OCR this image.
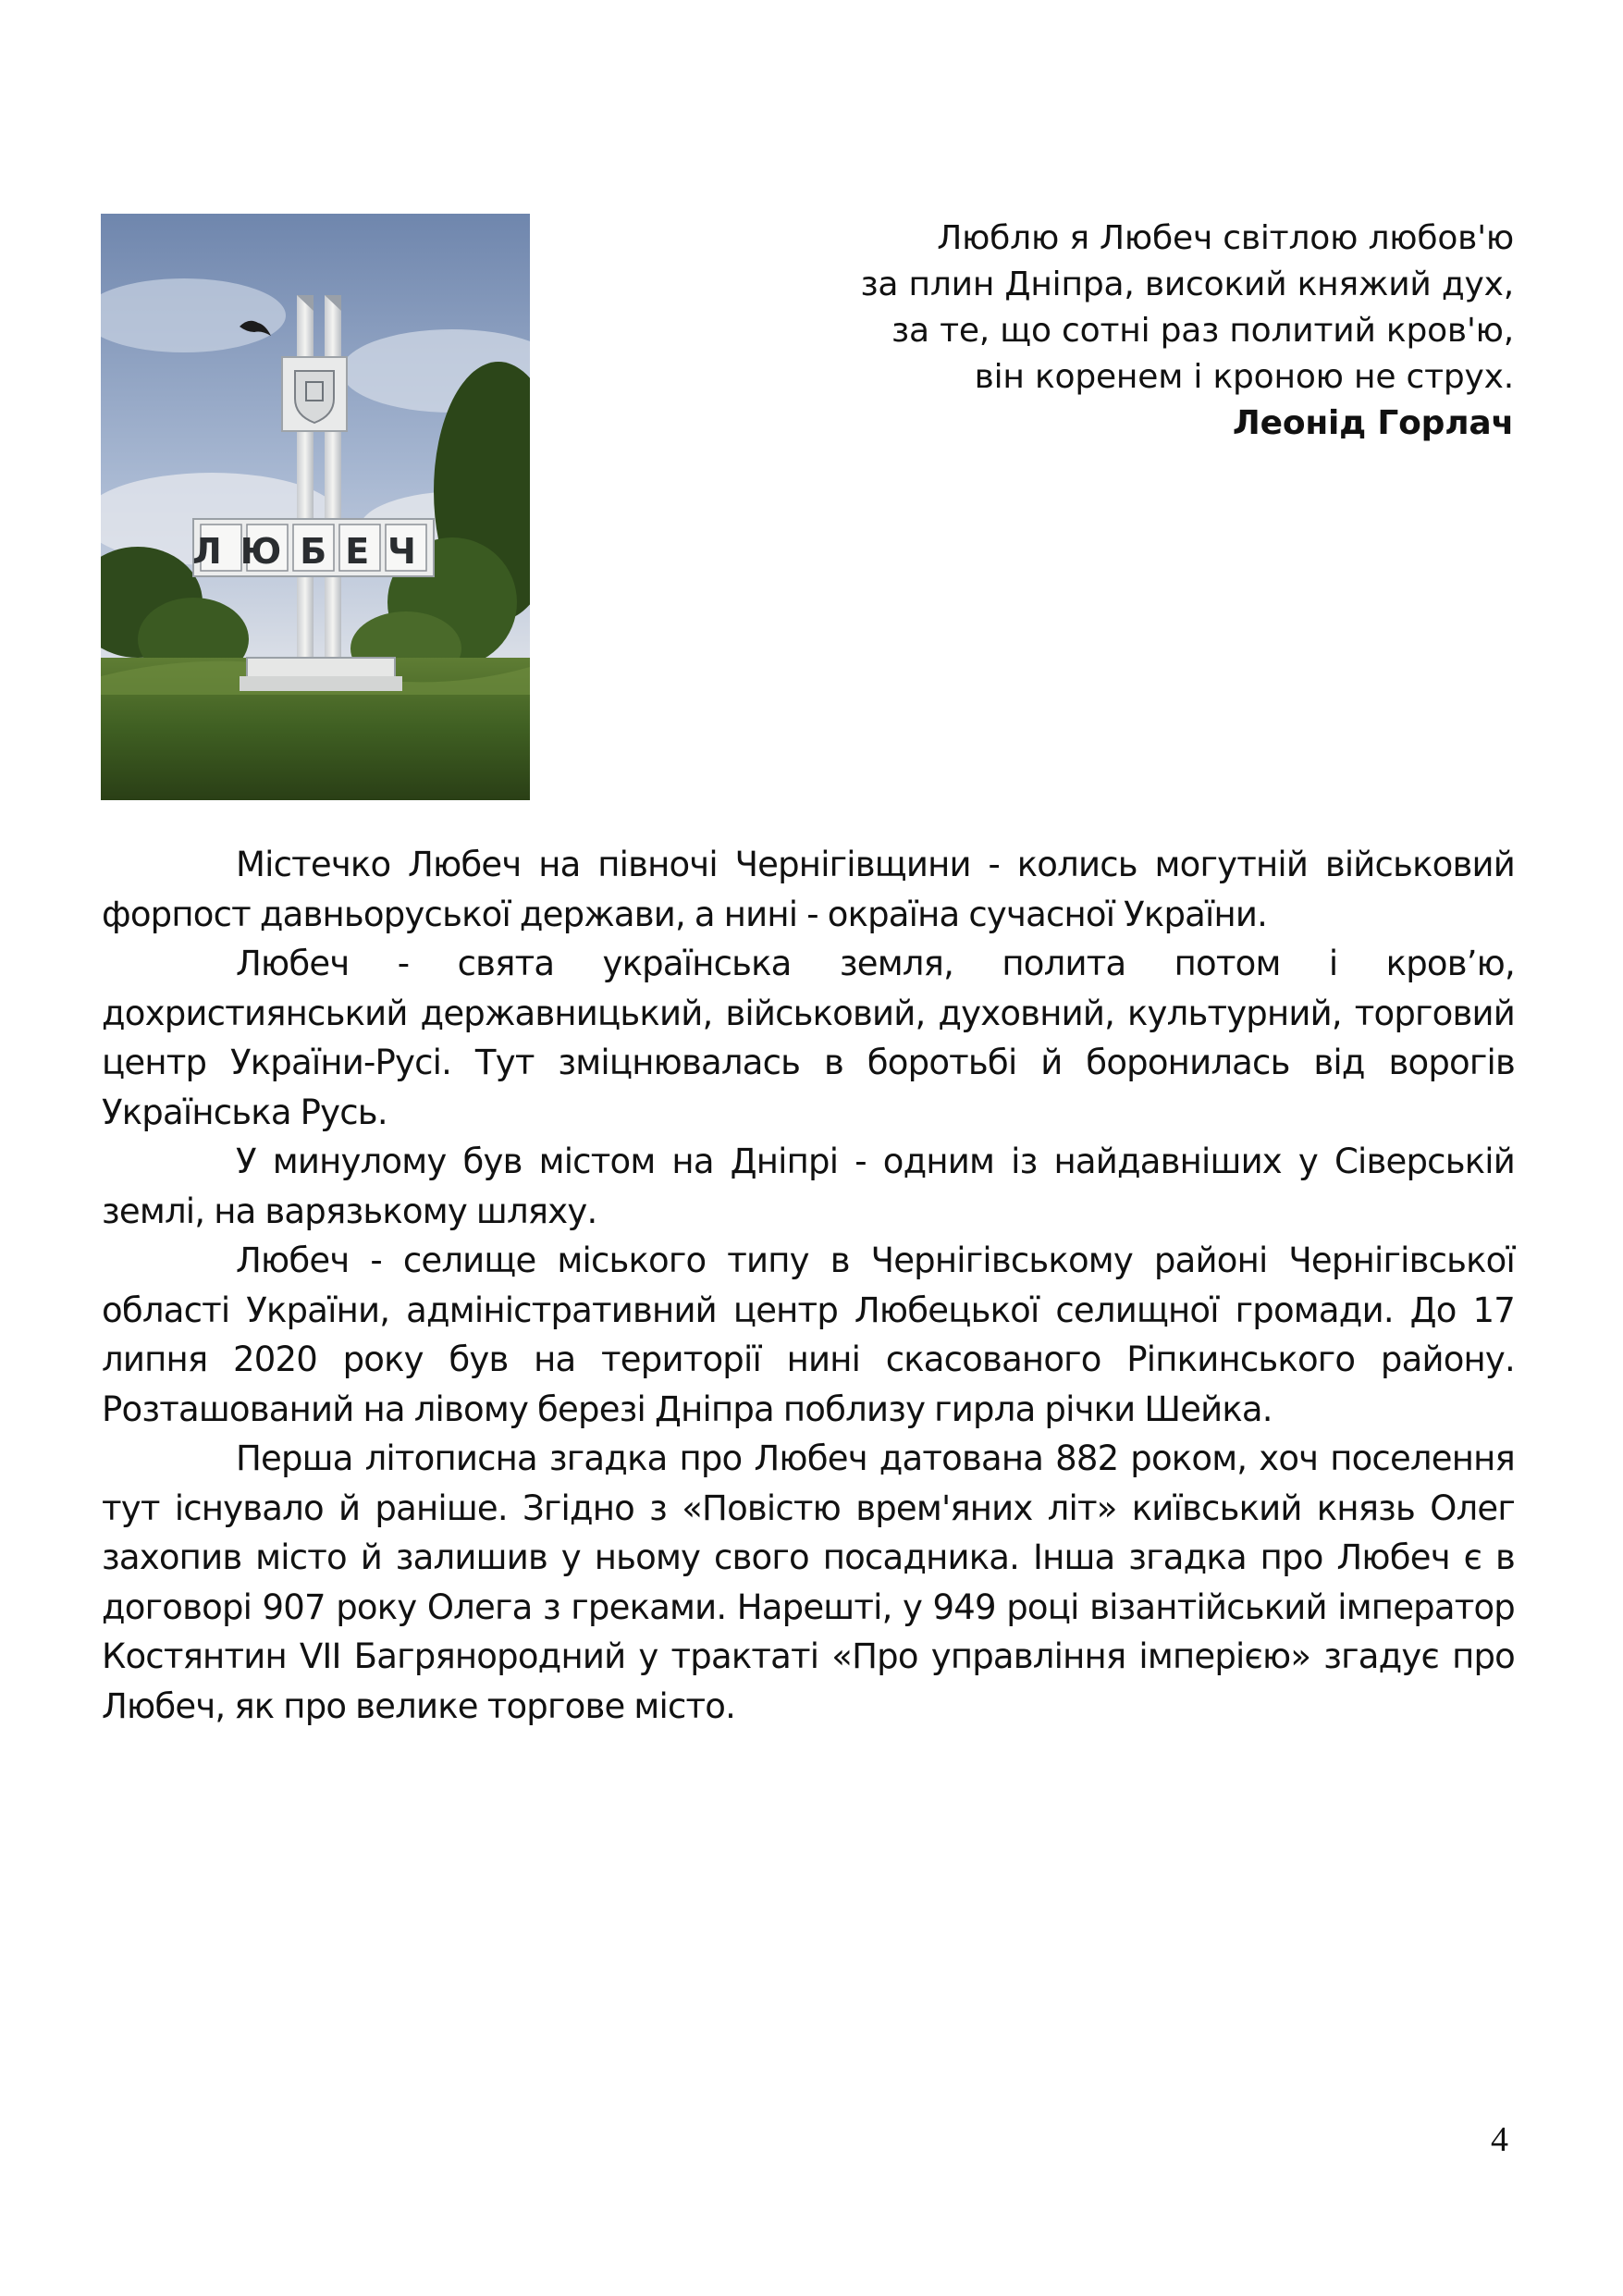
ЛЮБЕЧ
Люблю я Любеч світлою любов'ю
за плин Дніпра, високий княжий дух,
за те, що сотні раз политий кров'ю,
він коренем і кроною не струх.
Леонід Горлач

Містечко Любеч на півночі Чернігівщини - колись могутній військовий форпост давньоруської держави, а нині - окраїна сучасної України.

Любеч - свята українська земля, полита потом і кров’ю, дохристиянський державницький, військовий, духовний, культурний, торговий центр України-Русі. Тут зміцнювалась в боротьбі й боронилась від ворогів Українська Русь.

У минулому був містом на Дніпрі - одним із найдавніших у Сіверській землі, на варязькому шляху.

Любеч - селище міського типу в Чернігівському районі Чернігівської області України, адміністративний центр Любецької селищної громади. До 17 липня 2020 року був на території нині скасованого Ріпкинського району. Розташований на лівому березі Дніпра поблизу гирла річки Шейка.

Перша літописна згадка про Любеч датована 882 роком, хоч поселення тут існувало й раніше. Згідно з «Повістю врем'яних літ» київський князь Олег захопив місто й залишив у ньому свого посадника. Інша згадка про Любеч є в договорі 907 року Олега з греками. Нарешті, у 949 році візантійський імператор Костянтин VII Багрянородний у трактаті «Про управління імперією» згадує про Любеч, як про велике торгове місто.

4
